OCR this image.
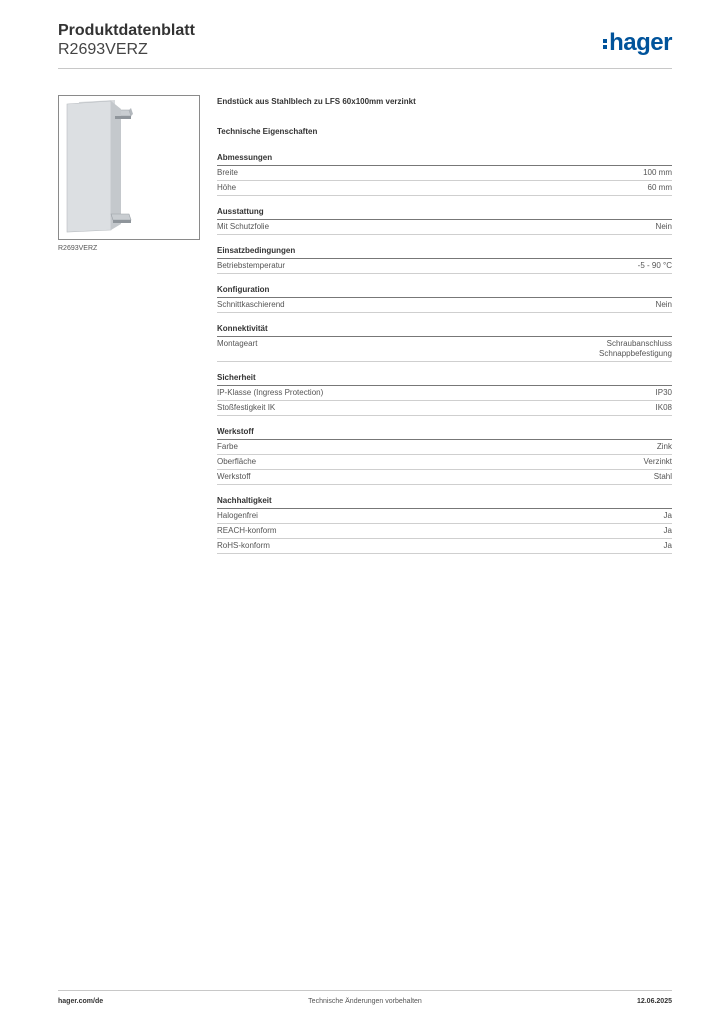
Produktdatenblatt
R2693VERZ	hager
R2693VERZ
Endstück aus Stahlblech zu LFS 60x100mm verzinkt
Technische Eigenschaften
Abmessungen
Breite	100 mm
Höhe	60 mm
Ausstattung
Mit Schutzfolie	Nein
Einsatzbedingungen
Betriebstemperatur	-5 - 90 °C
Konfiguration
Schnittkaschierend	Nein
Konnektivität
Montageart	Schraubanschluss
Schnappbefestigung
Sicherheit
IP-Klasse (Ingress Protection)	IP30
Stoßfestigkeit IK	IK08
Werkstoff
Farbe	Zink
Oberfläche	Verzinkt
Werkstoff	Stahl
Nachhaltigkeit
Halogenfrei	Ja
REACH-konform	Ja
RoHS-konform	Ja
hager.com/de	Technische Änderungen vorbehalten	12.06.2025
